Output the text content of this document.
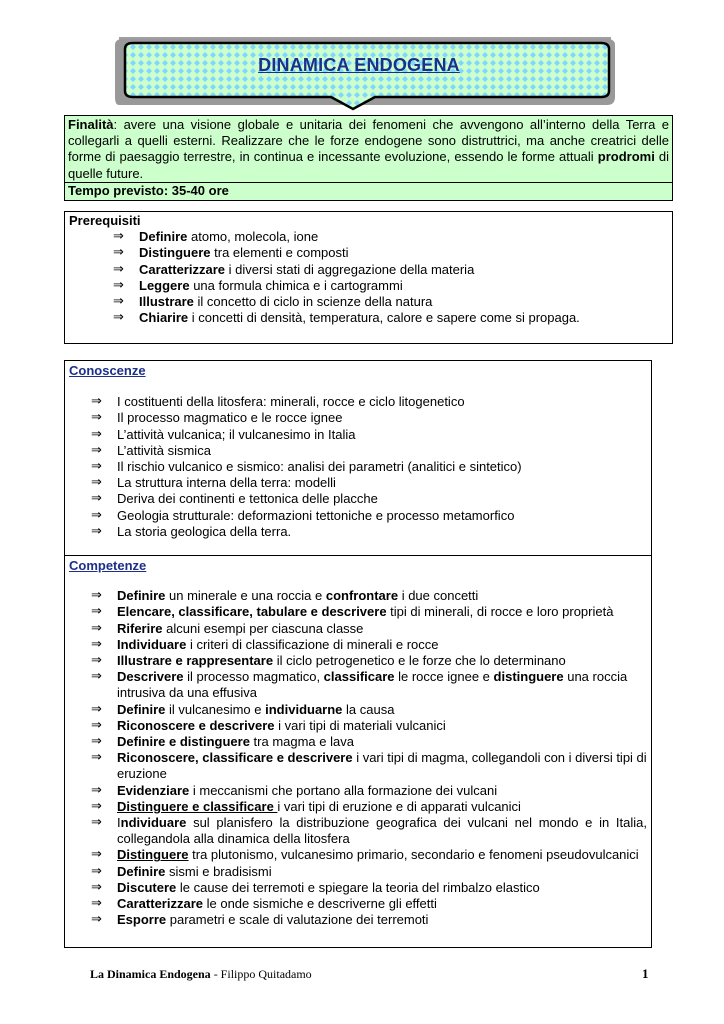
DINAMICA ENDOGENA
Finalità: avere una visione globale e unitaria dei fenomeni che avvengono all’interno della Terra e collegarli a quelli esterni. Realizzare che le forze endogene sono distruttrici, ma anche creatrici delle forme di paesaggio terrestre, in continua e incessante evoluzione, essendo le forme attuali prodromi di quelle future.
Tempo previsto: 35-40 ore
Prerequisiti
⇒ Definire atomo, molecola, ione
⇒ Distinguere tra elementi e composti
⇒ Caratterizzare i diversi stati di aggregazione della materia
⇒ Leggere una formula chimica e i cartogrammi
⇒ Illustrare il concetto di ciclo in scienze della natura
⇒ Chiarire i concetti di densità, temperatura, calore e sapere come si propaga.
Conoscenze
⇒ I costituenti della litosfera: minerali, rocce e ciclo litogenetico
⇒ Il processo magmatico e le rocce ignee
⇒ L’attività vulcanica; il vulcanesimo in Italia
⇒ L’attività sismica
⇒ Il rischio vulcanico e sismico: analisi dei parametri (analitici e sintetico)
⇒ La struttura interna della terra: modelli
⇒ Deriva dei continenti e tettonica delle placche
⇒ Geologia strutturale: deformazioni tettoniche e processo metamorfico
⇒ La storia geologica della terra.
Competenze
⇒ Definire un minerale e una roccia e confrontare i due concetti
⇒ Elencare, classificare, tabulare e descrivere tipi di minerali, di rocce e loro proprietà
⇒ Riferire alcuni esempi per ciascuna classe
⇒ Individuare i criteri di classificazione di minerali e rocce
⇒ Illustrare e rappresentare il ciclo petrogenetico e le forze che lo determinano
⇒ Descrivere il processo magmatico, classificare le rocce ignee e distinguere una roccia intrusiva da una effusiva
⇒ Definire il vulcanesimo e individuarne la causa
⇒ Riconoscere e descrivere i vari tipi di materiali vulcanici
⇒ Definire e distinguere tra magma e lava
⇒ Riconoscere, classificare e descrivere i vari tipi di magma, collegandoli con i diversi tipi di eruzione
⇒ Evidenziare i meccanismi che portano alla formazione dei vulcani
⇒ Distinguere e classificare i vari tipi di eruzione e di apparati vulcanici
⇒ Individuare sul planisfero la distribuzione geografica dei vulcani nel mondo e in Italia, collegandola alla dinamica della litosfera
⇒ Distinguere tra plutonismo, vulcanesimo primario, secondario e fenomeni pseudovulcanici
⇒ Definire sismi e bradisismi
⇒ Discutere le cause dei terremoti e spiegare la teoria del rimbalzo elastico
⇒ Caratterizzare le onde sismiche e descriverne gli effetti
⇒ Esporre parametri e scale di valutazione dei terremoti
La Dinamica Endogena - Filippo Quitadamo	1
